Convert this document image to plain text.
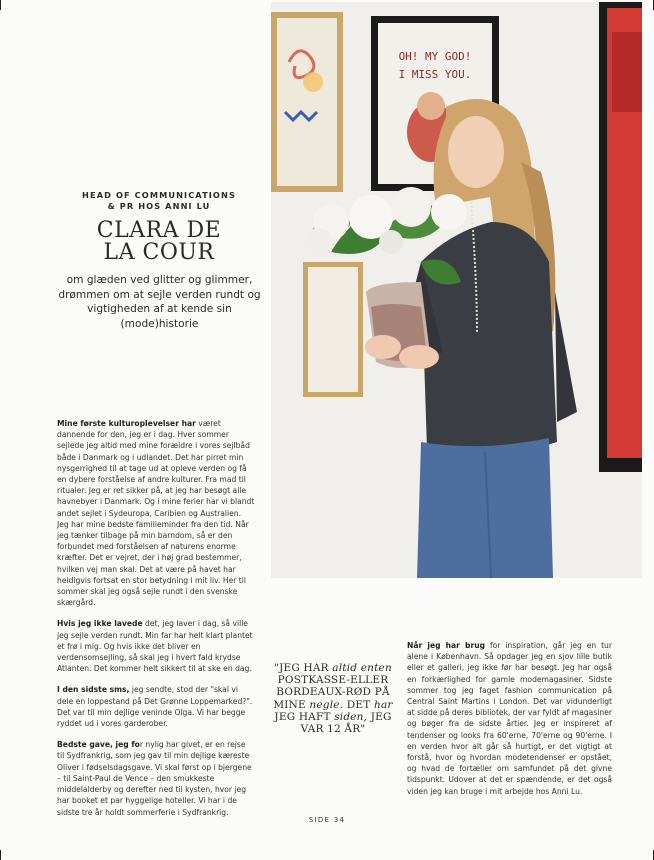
HEAD OF COMMUNICATIONS
& PR HOS ANNI LU
CLARA DE
LA COUR
om glæden ved glitter og glimmer, drømmen om at sejle verden rundt og vigtigheden af at kende sin (mode)historie
OH! MY GOD!
I MISS YOU.

Mine første kulturoplevelser har været dannende for den, jeg er i dag. Hver sommer sejlede jeg altid med mine forældre i vores sejlbåd både i Danmark og i udlandet. Det har pirret min nysgerrighed til at tage ud at opleve verden og få en dybere forståelse af andre kulturer. Fra mad til ritualer. Jeg er ret sikker på, at jeg har besøgt alle havnebyer i Danmark. Og i mine ferier har vi blandt andet sejlet i Sydeuropa, Caribien og Australien. Jeg har mine bedste familieminder fra den tid. Når jeg tænker tilbage på min barndom, så er den forbundet med forståelsen af naturens enorme kræfter. Det er vejret, der i høj grad bestemmer, hvilken vej man skal. Det at være på havet har heldigvis fortsat en stor betydning i mit liv. Her til sommer skal jeg også sejle rundt i den svenske skærgård.

Hvis jeg ikke lavede det, jeg laver i dag, så ville jeg sejle verden rundt. Min far har helt klart plantet et frø i mig. Og hvis ikke det bliver en verdensomsejling, så skal jeg i hvert fald krydse Atlanten. Det kommer helt sikkert til at ske en dag.

I den sidste sms, jeg sendte, stod der "skal vi dele en loppestand på Det Grønne Loppemarked?". Det var til min dejlige veninde Olga. Vi har begge ryddet ud i vores garderober.

Bedste gave, jeg for nylig har givet, er en rejse til Sydfrankrig, som jeg gav til min dejlige kæreste Oliver i fødselsdagsgave. Vi skal først op i bjergene – til Saint-Paul de Vence – den smukkeste middelalderby og derefter ned til kysten, hvor jeg har booket et par hyggelige hoteller. Vi har i de sidste tre år holdt sommerferie i Sydfrankrig.

"JEG HAR altid enten POSTKASSE-ELLER BORDEAUX-RØD PÅ MINE negle. DET har JEG HAFT siden, JEG VAR 12 ÅR"

Når jeg har brug for inspiration, går jeg en tur alene i København. Så opdager jeg en sjov lille butik eller et galleri, jeg ikke før har besøgt. Jeg har også en forkærlighed for gamle modemagasiner. Sidste sommer tog jeg faget fashion communication på Central Saint Martins i London. Det var vidunderligt at sidde på deres bibliotek, der var fyldt af magasiner og bøger fra de sidste årtier. Jeg er inspireret af tendenser og looks fra 60'erne, 70'erne og 90'erne. I en verden hvor alt går så hurtigt, er det vigtigt at forstå, hvor og hvordan modetendenser er opstået, og hvad de fortæller om samfundet på det givne tidspunkt. Udover at det er spændende, er det også viden jeg kan bruge i mit arbejde hos Anni Lu.

SIDE 34
